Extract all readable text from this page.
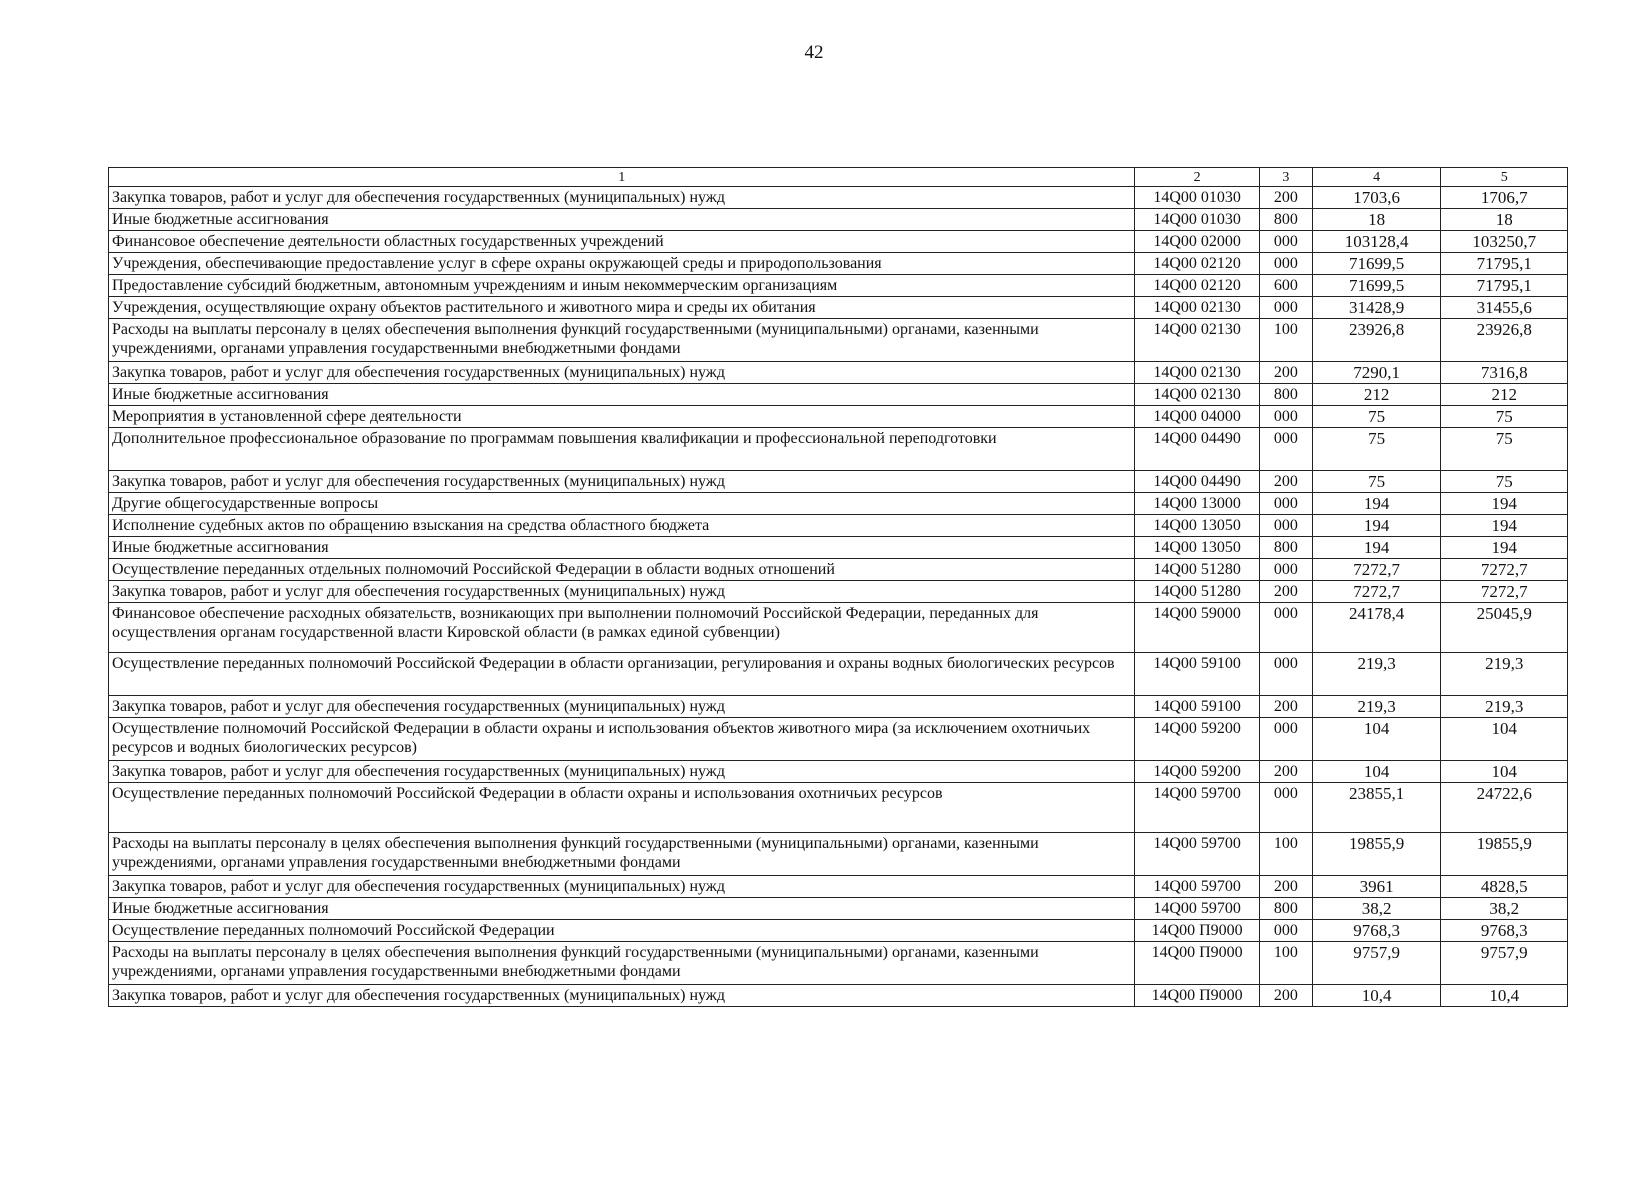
42
1	2	3	4	5
Закупка товаров, работ и услуг для обеспечения государственных (муниципальных) нужд	14Q00 01030	200	1703,6	1706,7
Иные бюджетные ассигнования	14Q00 01030	800	18	18
Финансовое обеспечение деятельности областных государственных учреждений	14Q00 02000	000	103128,4	103250,7
Учреждения, обеспечивающие предоставление услуг в сфере охраны окружающей среды и природопользования	14Q00 02120	000	71699,5	71795,1
Предоставление субсидий бюджетным, автономным учреждениям и иным некоммерческим организациям	14Q00 02120	600	71699,5	71795,1
Учреждения, осуществляющие охрану объектов растительного и животного мира и среды их обитания	14Q00 02130	000	31428,9	31455,6
Расходы на выплаты персоналу в целях обеспечения выполнения функций государственными (муниципальными) органами, казенными учреждениями, органами управления государственными внебюджетными фондами	14Q00 02130	100	23926,8	23926,8
Закупка товаров, работ и услуг для обеспечения государственных (муниципальных) нужд	14Q00 02130	200	7290,1	7316,8
Иные бюджетные ассигнования	14Q00 02130	800	212	212
Мероприятия в установленной сфере деятельности	14Q00 04000	000	75	75
Дополнительное профессиональное образование по программам повышения квалификации и профессиональной переподготовки	14Q00 04490	000	75	75
Закупка товаров, работ и услуг для обеспечения государственных (муниципальных) нужд	14Q00 04490	200	75	75
Другие общегосударственные вопросы	14Q00 13000	000	194	194
Исполнение судебных актов по обращению взыскания на средства областного бюджета	14Q00 13050	000	194	194
Иные бюджетные ассигнования	14Q00 13050	800	194	194
Осуществление переданных отдельных полномочий Российской Федерации в области водных отношений	14Q00 51280	000	7272,7	7272,7
Закупка товаров, работ и услуг для обеспечения государственных (муниципальных) нужд	14Q00 51280	200	7272,7	7272,7
Финансовое обеспечение расходных обязательств, возникающих при выполнении полномочий Российской Федерации, переданных для осуществления органам государственной власти Кировской области (в рамках единой субвенции)	14Q00 59000	000	24178,4	25045,9
Осуществление переданных полномочий Российской Федерации в области организации, регулирования и охраны водных биологических ресурсов	14Q00 59100	000	219,3	219,3
Закупка товаров, работ и услуг для обеспечения государственных (муниципальных) нужд	14Q00 59100	200	219,3	219,3
Осуществление полномочий Российской Федерации в области охраны и использования объектов животного мира (за исключением охотничьих ресурсов и водных биологических ресурсов)	14Q00 59200	000	104	104
Закупка товаров, работ и услуг для обеспечения государственных (муниципальных) нужд	14Q00 59200	200	104	104
Осуществление переданных полномочий Российской Федерации в области охраны и использования охотничьих ресурсов	14Q00 59700	000	23855,1	24722,6
Расходы на выплаты персоналу в целях обеспечения выполнения функций государственными (муниципальными) органами, казенными учреждениями, органами управления государственными внебюджетными фондами	14Q00 59700	100	19855,9	19855,9
Закупка товаров, работ и услуг для обеспечения государственных (муниципальных) нужд	14Q00 59700	200	3961	4828,5
Иные бюджетные ассигнования	14Q00 59700	800	38,2	38,2
Осуществление переданных полномочий Российской Федерации	14Q00 П9000	000	9768,3	9768,3
Расходы на выплаты персоналу в целях обеспечения выполнения функций государственными (муниципальными) органами, казенными учреждениями, органами управления государственными внебюджетными фондами	14Q00 П9000	100	9757,9	9757,9
Закупка товаров, работ и услуг для обеспечения государственных (муниципальных) нужд	14Q00 П9000	200	10,4	10,4
